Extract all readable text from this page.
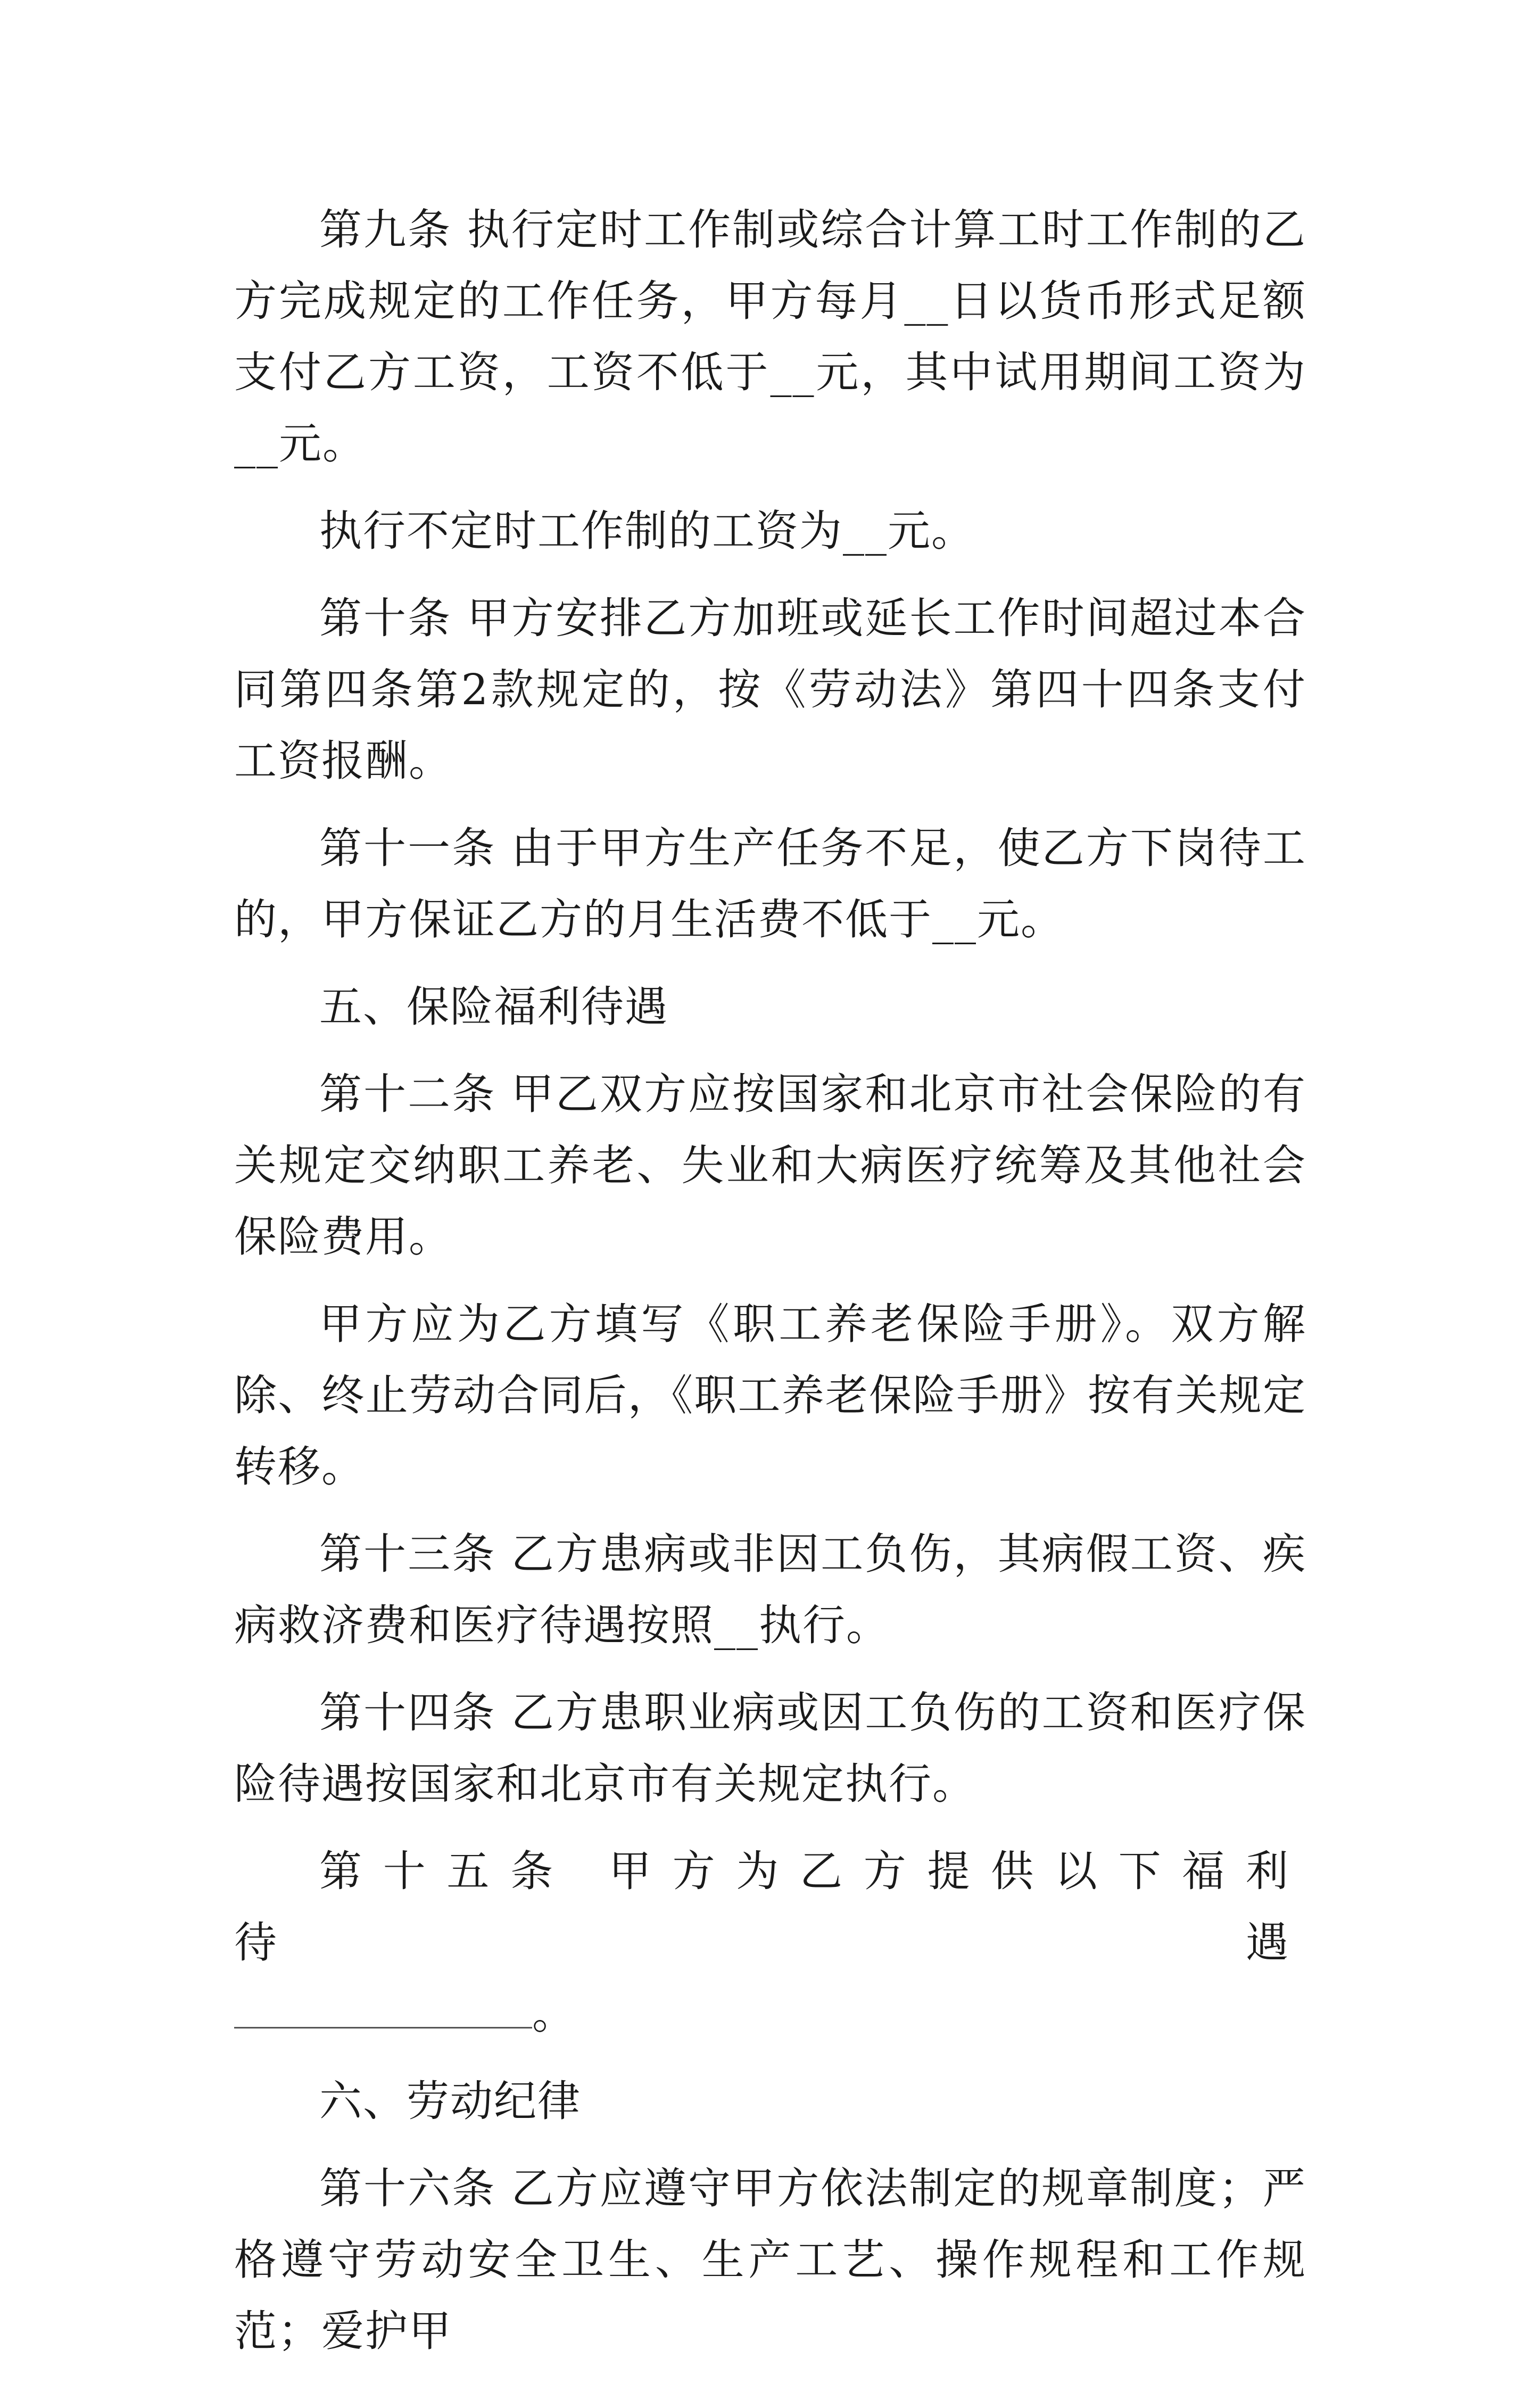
第九条 执行定时工作制或综合计算工时工作制的乙方完成规定的工作任务，甲方每月__日以货币形式足额支付乙方工资，工资不低于__元，其中试用期间工资为__元。

执行不定时工作制的工资为__元。

第十条 甲方安排乙方加班或延长工作时间超过本合同第四条第2款规定的，按《劳动法》第四十四条支付工资报酬。

第十一条 由于甲方生产任务不足，使乙方下岗待工的，甲方保证乙方的月生活费不低于__元。

五、保险福利待遇

第十二条 甲乙双方应按国家和北京市社会保险的有关规定交纳职工养老、失业和大病医疗统筹及其他社会保险费用。

甲方应为乙方填写《职工养老保险手册》。双方解除、终止劳动合同后，《职工养老保险手册》按有关规定转移。

第十三条 乙方患病或非因工负伤，其病假工资、疾病救济费和医疗待遇按照__执行。

第十四条 乙方患职业病或因工负伤的工资和医疗保险待遇按国家和北京市有关规定执行。

第十五条 甲方为乙方提供以下福利待遇

。

六、劳动纪律

第十六条 乙方应遵守甲方依法制定的规章制度；严格遵守劳动安全卫生、生产工艺、操作规程和工作规范；爱护甲
